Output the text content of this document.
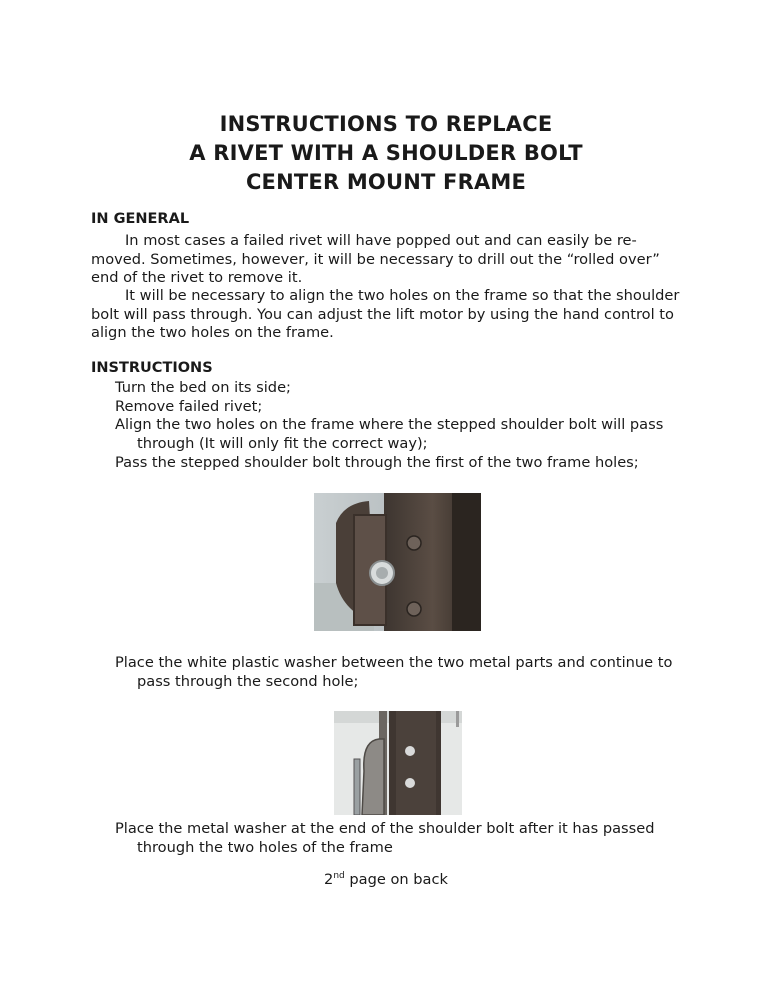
INSTRUCTIONS TO REPLACE
A RIVET WITH A SHOULDER BOLT
CENTER MOUNT FRAME
IN GENERAL
In most cases a failed rivet will have popped out and can easily be re-
moved. Sometimes, however, it will be necessary to drill out the “rolled over”
end of the rivet to remove it.
It will be necessary to align the two holes on the frame so that the shoulder
bolt will pass through. You can adjust the lift motor by using the hand control to
align the two holes on the frame.
INSTRUCTIONS
Turn the bed on its side;
Remove failed rivet;
Align the two holes on the frame where the stepped shoulder bolt will pass
through (It will only fit the correct way);
Pass the stepped shoulder bolt through the first of the two frame holes;
Place the white plastic washer between the two metal parts and continue to
pass through the second hole;
Place the metal washer at the end of the shoulder bolt after it has passed
through the two holes of the frame
2nd page on back
